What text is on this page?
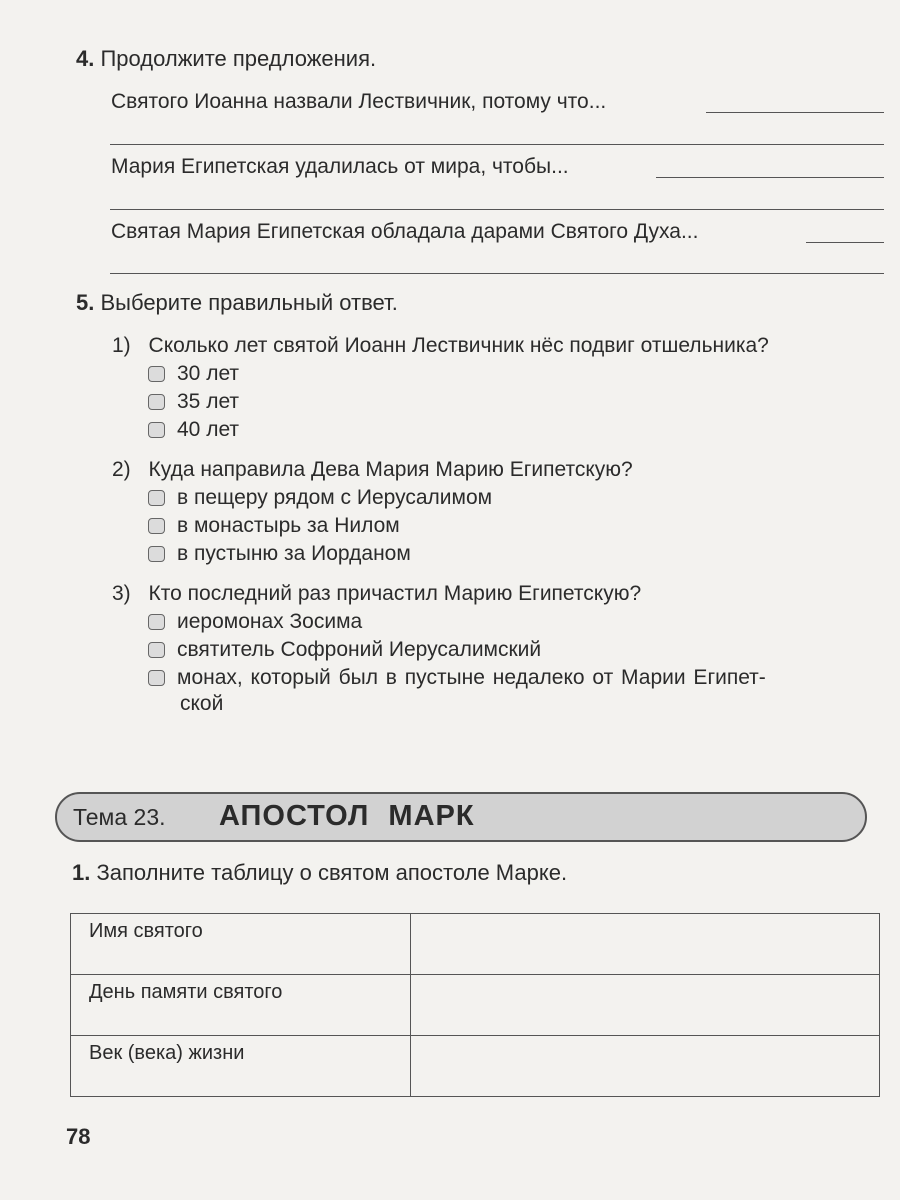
4. Продолжите предложения.
Святого Иоанна назвали Лествичник, потому что...
Мария Египетская удалилась от мира, чтобы...
Святая Мария Египетская обладала дарами Святого Духа...
5. Выберите правильный ответ.
1) Сколько лет святой Иоанн Лествичник нёс подвиг отшельника?
30 лет
35 лет
40 лет
2) Куда направила Дева Мария Марию Египетскую?
в пещеру рядом с Иерусалимом
в монастырь за Нилом
в пустыню за Иорданом
3) Кто последний раз причастил Марию Египетскую?
иеромонах Зосима
святитель Софроний Иерусалимский
монах, который был в пустыне недалеко от Марии Египет-
ской
Тема 23. АПОСТОЛ МАРК
1. Заполните таблицу о святом апостоле Марке.
Имя святого	
День памяти святого	
Век (века) жизни	
78
